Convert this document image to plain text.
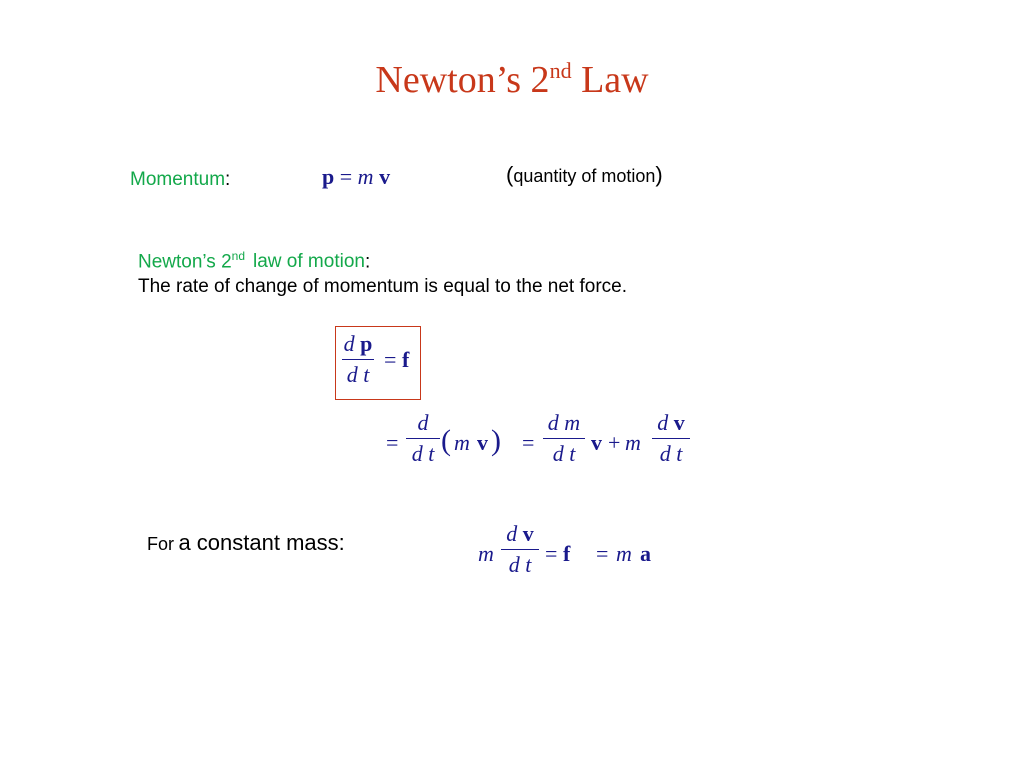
Newton’s 2nd Law
Momentum:	p = m v	(quantity of motion)
Newton’s 2nd law of motion:
The rate of change of momentum is equal to the net force.
d p
d t
= f
=
d
d t ( m v ) =
d m
d t v + m
d v
d t
For a constant mass:	m
d v
d t = f = m a
